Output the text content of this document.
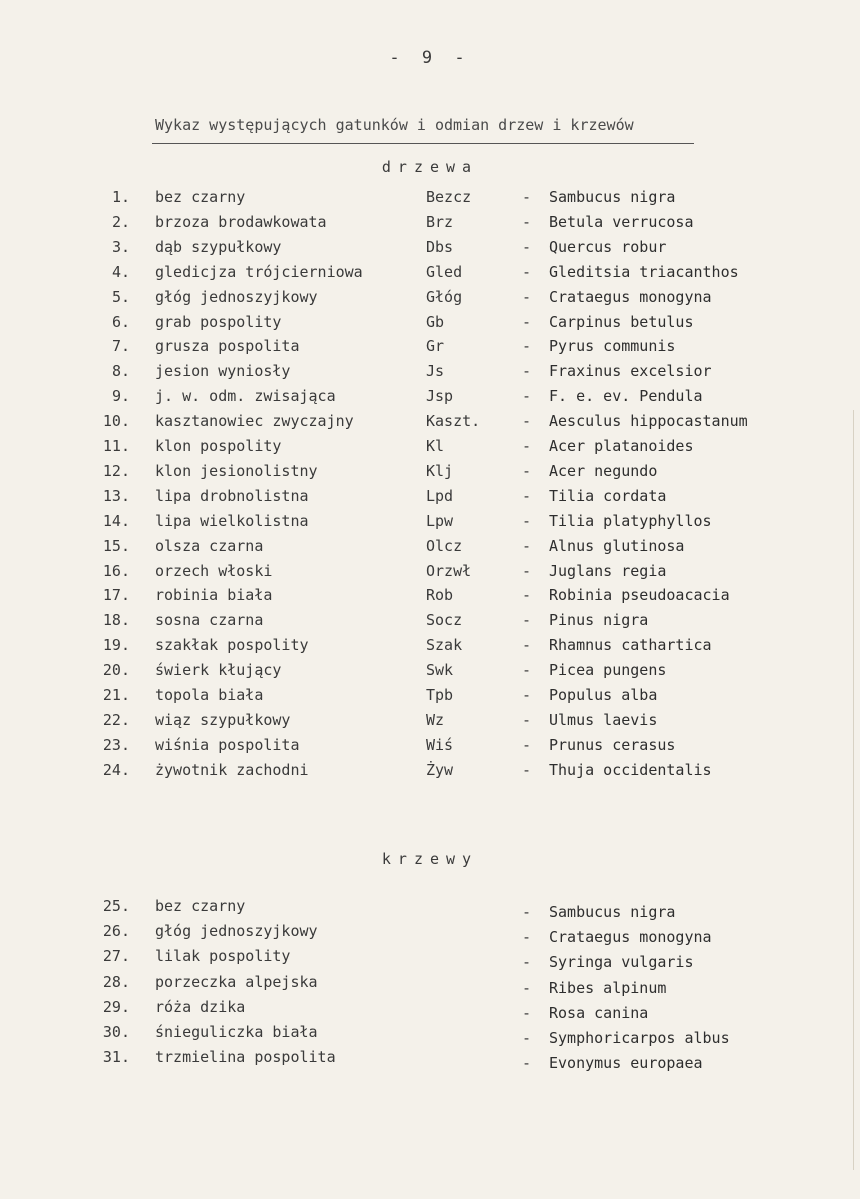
- 9 -
Wykaz występujących gatunków i odmian drzew i krzewów
drzewa
1. bez czarny	Bezcz	- Sambucus nigra
2. brzoza brodawkowata	Brz	- Betula verrucosa
3. dąb szypułkowy	Dbs	- Quercus robur
4. gledicjza trójcierniowa	Gled	- Gleditsia triacanthos
5. głóg jednoszyjkowy	Głóg	- Crataegus monogyna
6. grab pospolity	Gb	- Carpinus betulus
7. grusza pospolita	Gr	- Pyrus communis
8. jesion wyniosły	Js	- Fraxinus excelsior
9. j. w. odm. zwisająca	Jsp	- F. e. ev. Pendula
10. kasztanowiec zwyczajny	Kaszt.	- Aesculus hippocastanum
11. klon pospolity	Kl	- Acer platanoides
12. klon jesionolistny	Klj	- Acer negundo
13. lipa drobnolistna	Lpd	- Tilia cordata
14. lipa wielkolistna	Lpw	- Tilia platyphyllos
15. olsza czarna	Olcz	- Alnus glutinosa
16. orzech włoski	Orzwł	- Juglans regia
17. robinia biała	Rob	- Robinia pseudoacacia
18. sosna czarna	Socz	- Pinus nigra
19. szakłak pospolity	Szak	- Rhamnus cathartica
20. świerk kłujący	Swk	- Picea pungens
21. topola biała	Tpb	- Populus alba
22. wiąz szypułkowy	Wz	- Ulmus laevis
23. wiśnia pospolita	Wiś	- Prunus cerasus
24. żywotnik zachodni	Żyw	- Thuja occidentalis
krzewy
25. bez czarny	- Sambucus nigra
26. głóg jednoszyjkowy	- Crataegus monogyna
27. lilak pospolity	- Syringa vulgaris
28. porzeczka alpejska	- Ribes alpinum
29. róża dzika	- Rosa canina
30. śnieguliczka biała	- Symphoricarpos albus
31. trzmielina pospolita	- Evonymus europaea
